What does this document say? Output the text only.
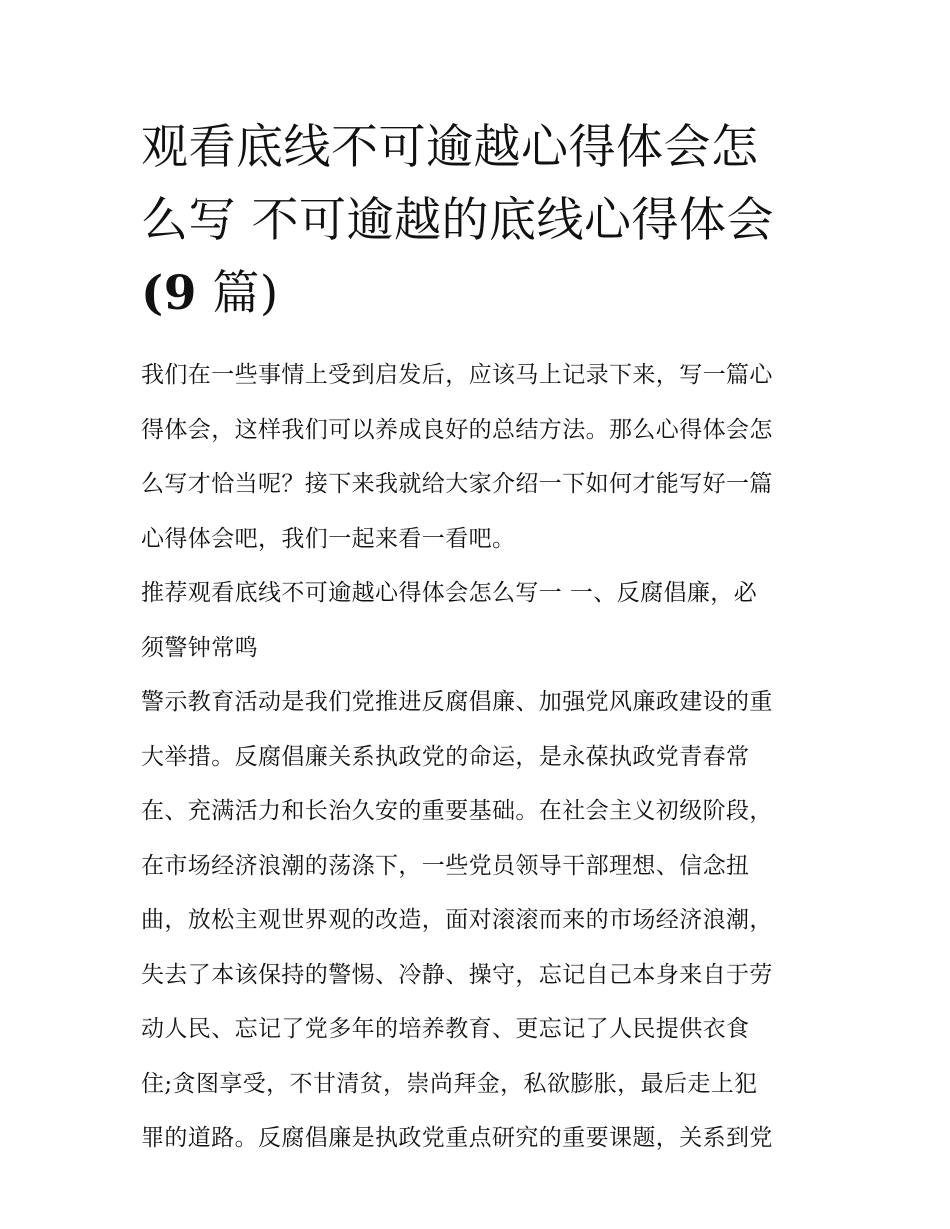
观看底线不可逾越心得体会怎
么写 不可逾越的底线心得体会
(9 篇)
我们在一些事情上受到启发后，应该马上记录下来，写一篇心
得体会，这样我们可以养成良好的总结方法。那么心得体会怎
么写才恰当呢？接下来我就给大家介绍一下如何才能写好一篇
心得体会吧，我们一起来看一看吧。
推荐观看底线不可逾越心得体会怎么写一 一、反腐倡廉，必
须警钟常鸣
警示教育活动是我们党推进反腐倡廉、加强党风廉政建设的重
大举措。反腐倡廉关系执政党的命运，是永葆执政党青春常
在、充满活力和长治久安的重要基础。在社会主义初级阶段，
在市场经济浪潮的荡涤下，一些党员领导干部理想、信念扭
曲，放松主观世界观的改造，面对滚滚而来的市场经济浪潮，
失去了本该保持的警惕、冷静、操守，忘记自己本身来自于劳
动人民、忘记了党多年的培养教育、更忘记了人民提供衣食
住;贪图享受，不甘清贫，崇尚拜金，私欲膨胀，最后走上犯
罪的道路。反腐倡廉是执政党重点研究的重要课题，关系到党
